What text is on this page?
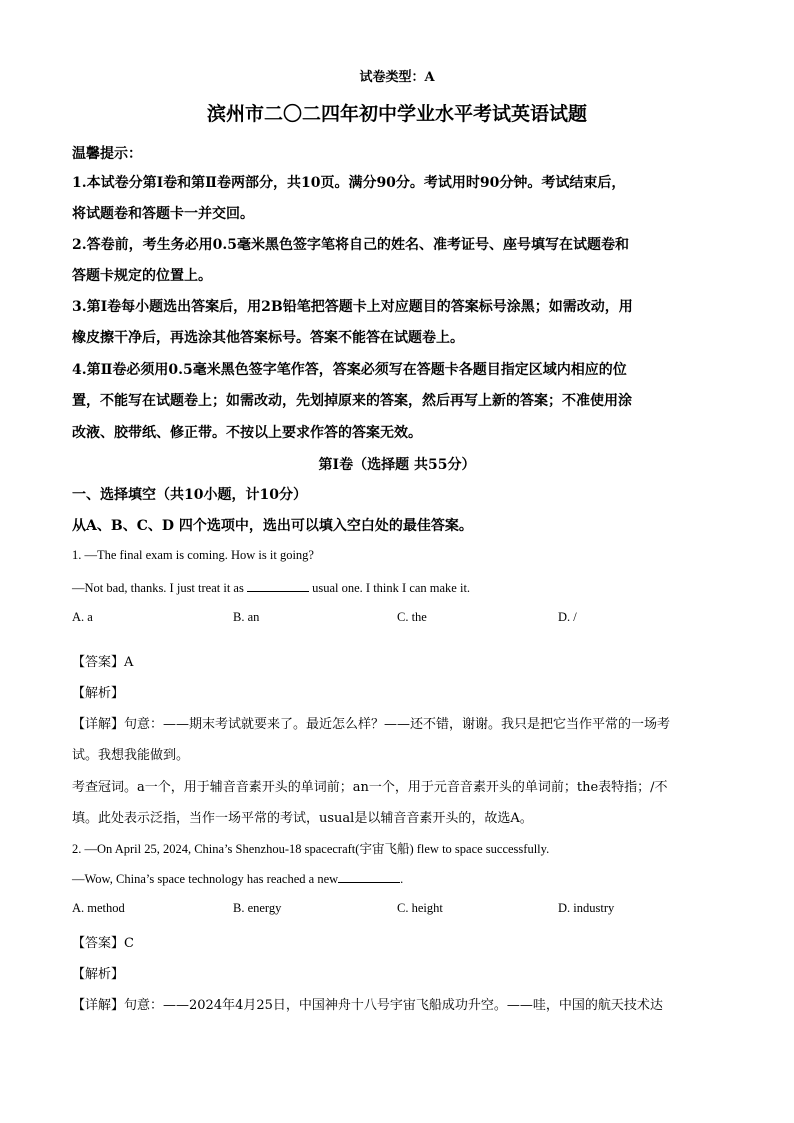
试卷类型：A
滨州市二〇二四年初中学业水平考试英语试题
温馨提示：
1.本试卷分第Ⅰ卷和第Ⅱ卷两部分，共10页。满分90分。考试用时90分钟。考试结束后，
将试题卷和答题卡一并交回。
2.答卷前，考生务必用0.5毫米黑色签字笔将自己的姓名、准考证号、座号填写在试题卷和
答题卡规定的位置上。
3.第Ⅰ卷每小题选出答案后，用2B铅笔把答题卡上对应题目的答案标号涂黑；如需改动，用
橡皮擦干净后，再选涂其他答案标号。答案不能答在试题卷上。
4.第Ⅱ卷必须用0.5毫米黑色签字笔作答，答案必须写在答题卡各题目指定区域内相应的位
置，不能写在试题卷上；如需改动，先划掉原来的答案，然后再写上新的答案；不准使用涂
改液、胶带纸、修正带。不按以上要求作答的答案无效。
第Ⅰ卷（选择题 共55分）
一、选择填空（共10小题，计10分）
从A、B、C、D 四个选项中，选出可以填入空白处的最佳答案。
1. —The final exam is coming. How is it going?
—Not bad, thanks. I just treat it as	usual one. I think I can make it.
A. a	B. an	C. the	D. /
【答案】A
【解析】
【详解】句意：——期末考试就要来了。最近怎么样？——还不错，谢谢。我只是把它当作平常的一场考
试。我想我能做到。
考查冠词。a一个，用于辅音音素开头的单词前；an一个，用于元音音素开头的单词前；the表特指；/不
填。此处表示泛指，当作一场平常的考试，usual是以辅音音素开头的，故选A。
2. —On April 25, 2024, China’s Shenzhou-18 spacecraft(宇宙飞船) flew to space successfully.
—Wow, China’s space technology has reached a new	.
A. method	B. energy	C. height	D. industry
【答案】C
【解析】
【详解】句意：——2024年4月25日，中国神舟十八号宇宙飞船成功升空。——哇，中国的航天技术达
